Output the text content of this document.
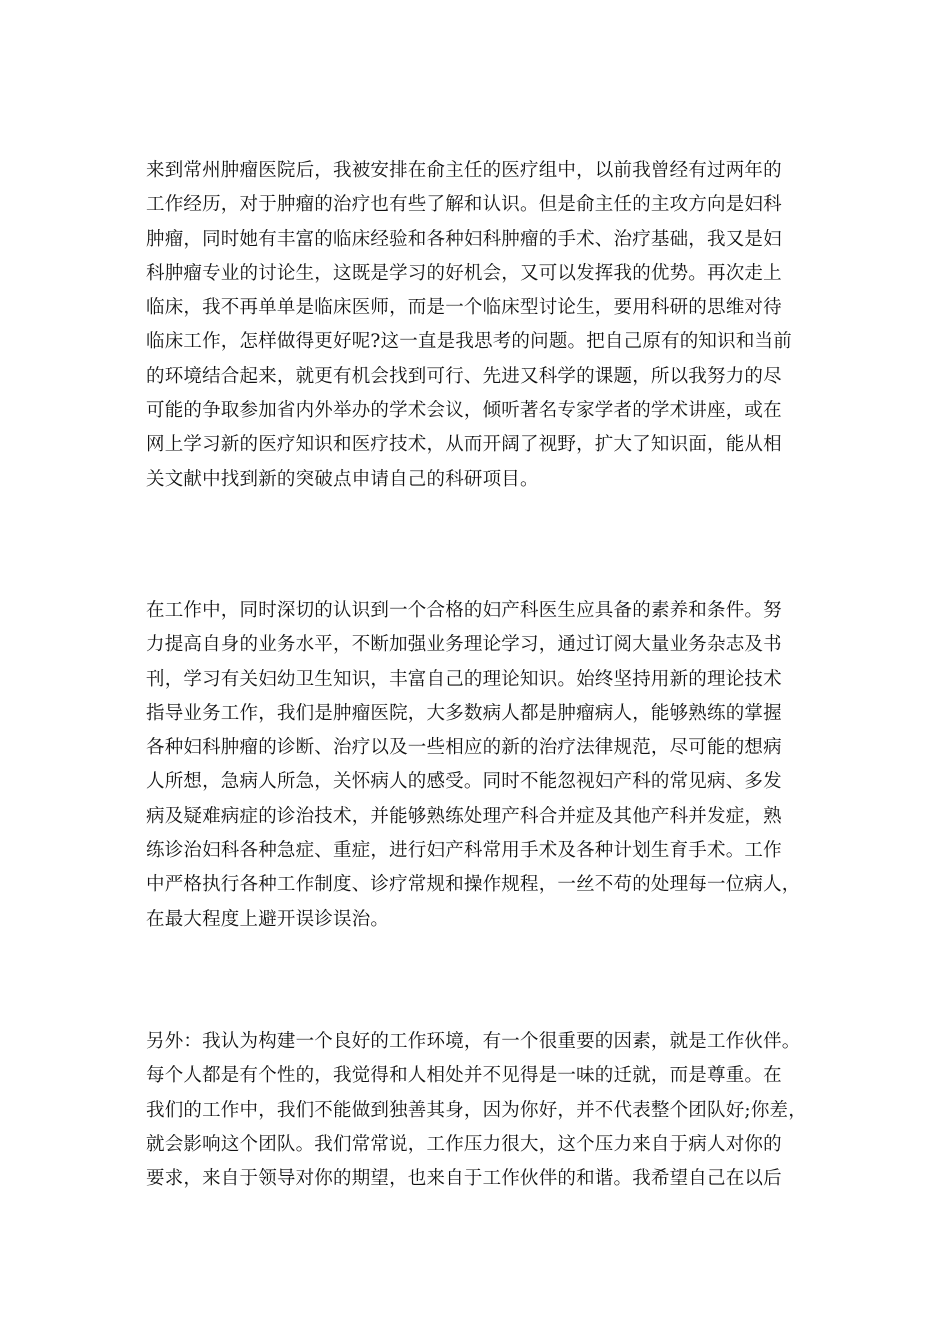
来到常州肿瘤医院后，我被安排在俞主任的医疗组中，以前我曾经有过两年的
工作经历，对于肿瘤的治疗也有些了解和认识。但是俞主任的主攻方向是妇科
肿瘤，同时她有丰富的临床经验和各种妇科肿瘤的手术、治疗基础，我又是妇
科肿瘤专业的讨论生，这既是学习的好机会，又可以发挥我的优势。再次走上
临床，我不再单单是临床医师，而是一个临床型讨论生，要用科研的思维对待
临床工作，怎样做得更好呢?这一直是我思考的问题。把自己原有的知识和当前
的环境结合起来，就更有机会找到可行、先进又科学的课题，所以我努力的尽
可能的争取参加省内外举办的学术会议，倾听著名专家学者的学术讲座，或在
网上学习新的医疗知识和医疗技术，从而开阔了视野，扩大了知识面，能从相
关文献中找到新的突破点申请自己的科研项目。
在工作中，同时深切的认识到一个合格的妇产科医生应具备的素养和条件。努
力提高自身的业务水平，不断加强业务理论学习，通过订阅大量业务杂志及书
刊，学习有关妇幼卫生知识，丰富自己的理论知识。始终坚持用新的理论技术
指导业务工作，我们是肿瘤医院，大多数病人都是肿瘤病人，能够熟练的掌握
各种妇科肿瘤的诊断、治疗以及一些相应的新的治疗法律规范，尽可能的想病
人所想，急病人所急，关怀病人的感受。同时不能忽视妇产科的常见病、多发
病及疑难病症的诊治技术，并能够熟练处理产科合并症及其他产科并发症，熟
练诊治妇科各种急症、重症，进行妇产科常用手术及各种计划生育手术。工作
中严格执行各种工作制度、诊疗常规和操作规程，一丝不苟的处理每一位病人，
在最大程度上避开误诊误治。
另外：我认为构建一个良好的工作环境，有一个很重要的因素，就是工作伙伴。
每个人都是有个性的，我觉得和人相处并不见得是一味的迁就，而是尊重。在
我们的工作中，我们不能做到独善其身，因为你好，并不代表整个团队好;你差，
就会影响这个团队。我们常常说，工作压力很大，这个压力来自于病人对你的
要求，来自于领导对你的期望，也来自于工作伙伴的和谐。我希望自己在以后
